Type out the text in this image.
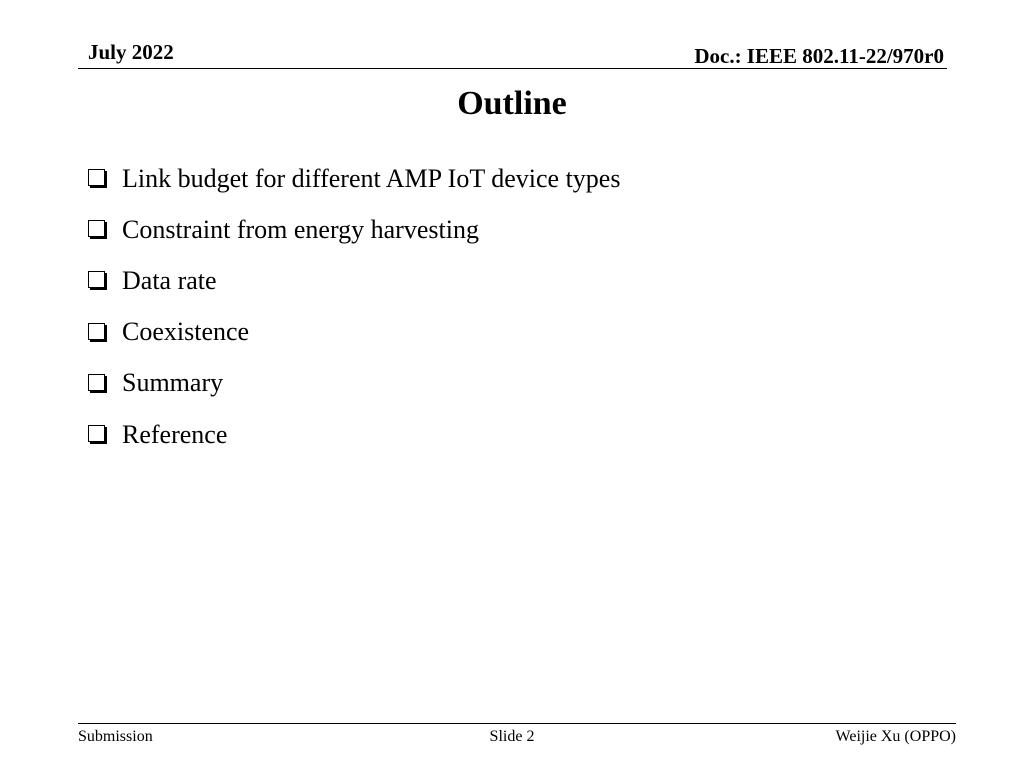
July 2022	Doc.: IEEE 802.11-22/970r0
Outline
Link budget for different AMP IoT device types
Constraint from energy harvesting
Data rate
Coexistence
Summary
Reference
Submission	Slide 2	Weijie Xu (OPPO)
